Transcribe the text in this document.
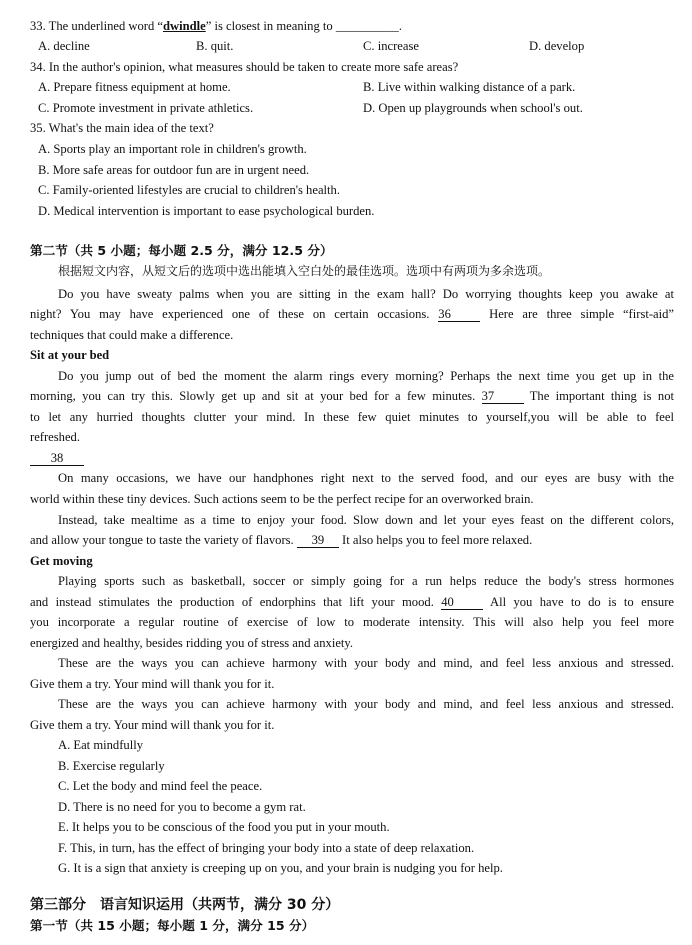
33. The underlined word “dwindle” is closest in meaning to __________.
A. decline	B. quit.	C. increase	D. develop
34. In the author's opinion, what measures should be taken to create more safe areas?
A. Prepare fitness equipment at home.	B. Live within walking distance of a park.
C. Promote investment in private athletics.	D. Open up playgrounds when school's out.
35. What's the main idea of the text?
A. Sports play an important role in children's growth.
B. More safe areas for outdoor fun are in urgent need.
C. Family-oriented lifestyles are crucial to children's health.
D. Medical intervention is important to ease psychological burden.
第二节（共 5 小题；每小题 2.5 分，满分 12.5 分）
根据短文内容，从短文后的选项中选出能填入空白处的最佳选项。选项中有两项为多余选项。
Do you have sweaty palms when you are sitting in the exam hall? Do worrying thoughts keep you awake at
night? You may have experienced one of these on certain occasions. 36	Here are three simple “first-aid”
techniques that could make a difference.
Sit at your bed
Do you jump out of bed the moment the alarm rings every morning? Perhaps the next time you get up in the
morning, you can try this. Slowly get up and sit at your bed for a few minutes. 37	The important thing is not
to let any hurried thoughts clutter your mind. In these few quiet minutes to yourself,you will be able to feel
refreshed.
38
On many occasions, we have our handphones right next to the served food, and our eyes are busy with the
world within these tiny devices. Such actions seem to be the perfect recipe for an overworked brain.
Instead, take mealtime as a time to enjoy your food. Slow down and let your eyes feast on the different colors,
and allow your tongue to taste the variety of flavors. 39 It also helps you to feel more relaxed.
Get moving
Playing sports such as basketball, soccer or simply going for a run helps reduce the body's stress hormones
and instead stimulates the production of endorphins that lift your mood. 40	All you have to do is to ensure
you incorporate a regular routine of exercise of low to moderate intensity. This will also help you feel more
energized and healthy, besides ridding you of stress and anxiety.
These are the ways you can achieve harmony with your body and mind, and feel less anxious and stressed.
Give them a try. Your mind will thank you for it.
These are the ways you can achieve harmony with your body and mind, and feel less anxious and stressed.
Give them a try. Your mind will thank you for it.
A. Eat mindfully
B. Exercise regularly
C. Let the body and mind feel the peace.
D. There is no need for you to become a gym rat.
E. It helps you to be conscious of the food you put in your mouth.
F. This, in turn, has the effect of bringing your body into a state of deep relaxation.
G. It is a sign that anxiety is creeping up on you, and your brain is nudging you for help.
第三部分　语言知识运用（共两节，满分 30 分）
第一节（共 15 小题；每小题 1 分，满分 15 分）
